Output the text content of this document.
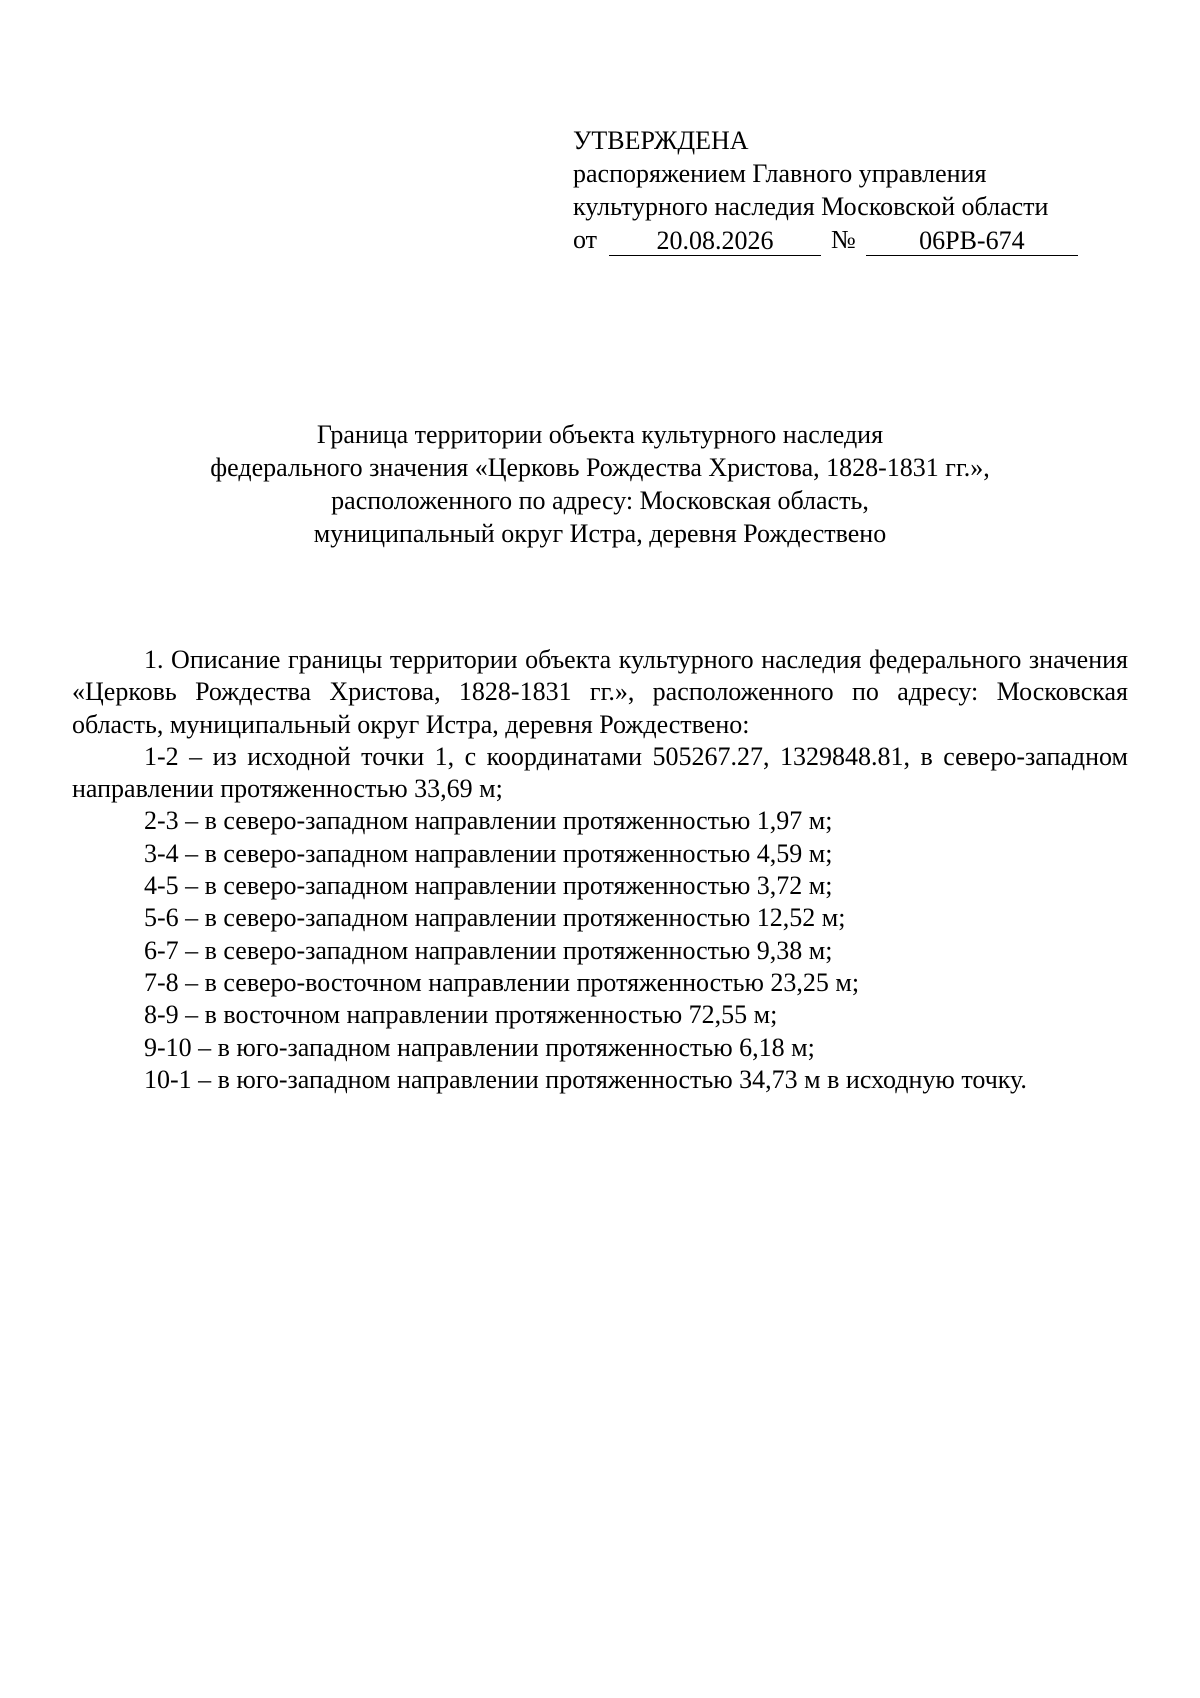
УТВЕРЖДЕНА
распоряжением Главного управления
культурного наследия Московской области
от	20.08.2026	№	06РВ-674
Граница территории объекта культурного наследия
федерального значения «Церковь Рождества Христова, 1828-1831 гг.»,
расположенного по адресу: Московская область,
муниципальный округ Истра, деревня Рождествено

1. Описание границы территории объекта культурного наследия федерального значения «Церковь Рождества Христова, 1828-1831 гг.», расположенного по адресу: Московская область, муниципальный округ Истра, деревня Рождествено:

1-2 – из исходной точки 1, с координатами 505267.27, 1329848.81, в северо-западном направлении протяженностью 33,69 м;
2-3 – в северо-западном направлении протяженностью 1,97 м;
3-4 – в северо-западном направлении протяженностью 4,59 м;
4-5 – в северо-западном направлении протяженностью 3,72 м;
5-6 – в северо-западном направлении протяженностью 12,52 м;
6-7 – в северо-западном направлении протяженностью 9,38 м;
7-8 – в северо-восточном направлении протяженностью 23,25 м;
8-9 – в восточном направлении протяженностью 72,55 м;
9-10 – в юго-западном направлении протяженностью 6,18 м;
10-1 – в юго-западном направлении протяженностью 34,73 м в исходную точку.
